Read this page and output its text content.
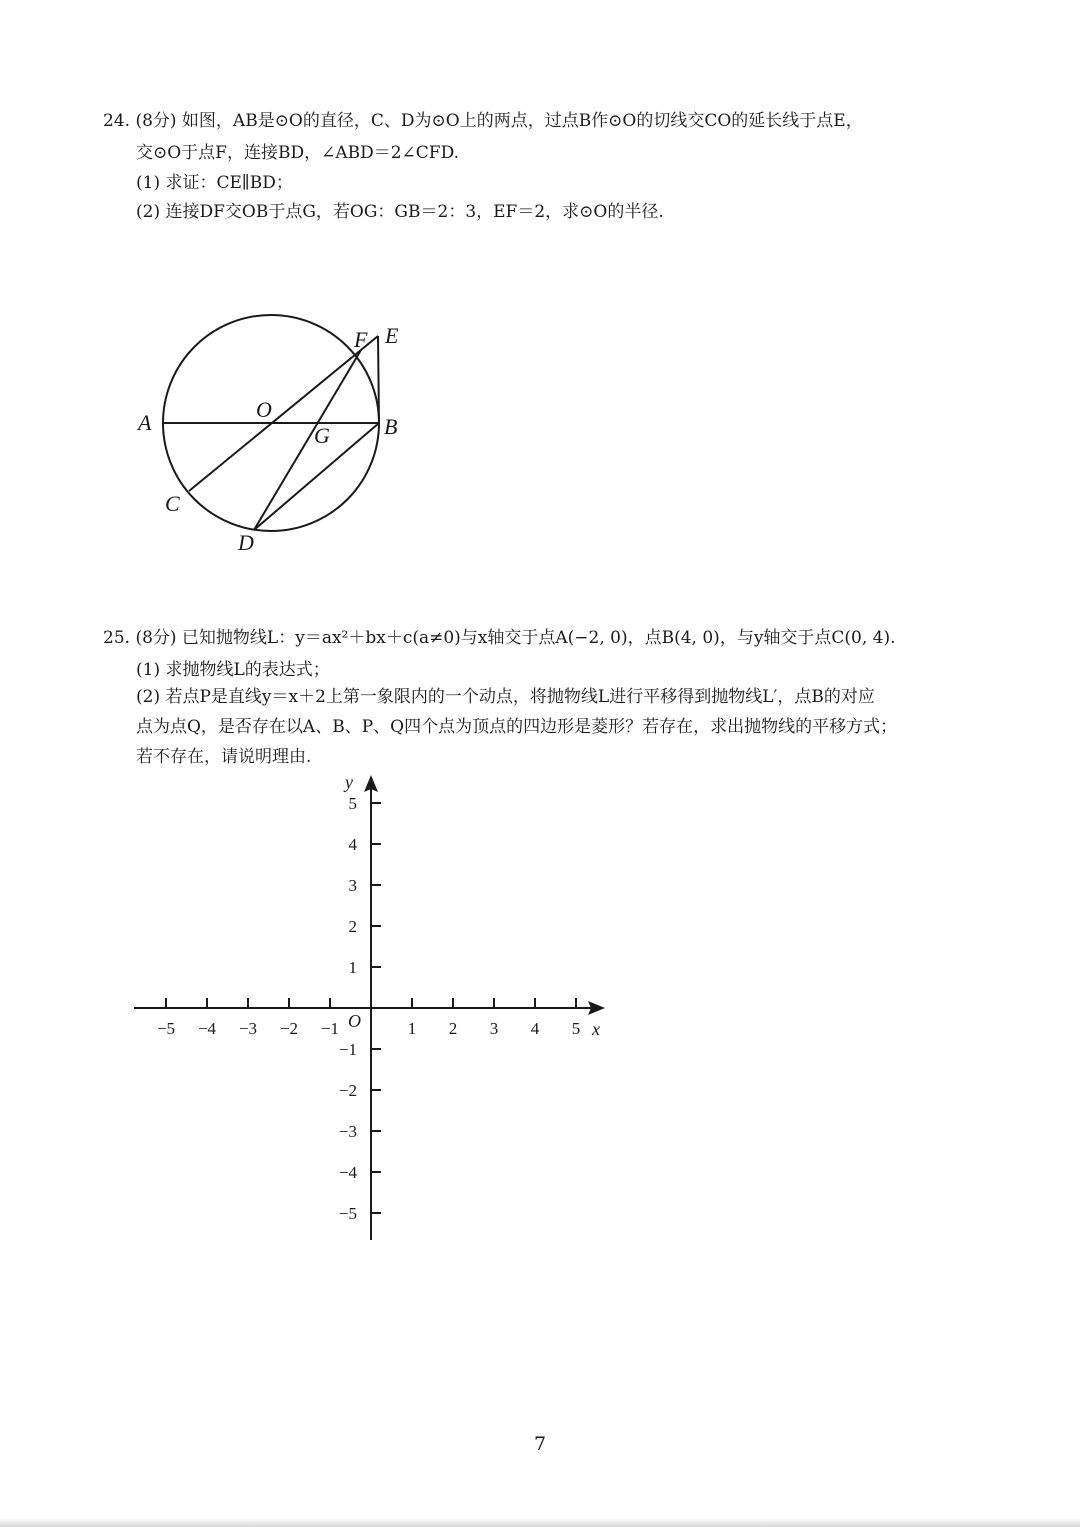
24. (8分) 如图，AB是⊙O的直径，C、D为⊙O上的两点，过点B作⊙O的切线交CO的延长线于点E，
交⊙O于点F，连接BD，∠ABD＝2∠CFD.
(1) 求证：CE∥BD；
(2) 连接DF交OB于点G，若OG：GB＝2：3，EF＝2，求⊙O的半径.
A	B
C
D
E
F
G
O
25. (8分) 已知抛物线L：y＝ax²＋bx＋c(a≠0)与x轴交于点A(−2, 0)，点B(4, 0)，与y轴交于点C(0, 4).
(1) 求抛物线L的表达式；
(2) 若点P是直线y＝x＋2上第一象限内的一个动点，将抛物线L进行平移得到抛物线L′，点B的对应
点为点Q，是否存在以A、B、P、Q四个点为顶点的四边形是菱形？若存在，求出抛物线的平移方式；
若不存在，请说明理由.
−5 −4 −3 −2 −1	1 2 3 4 5
5
4
3
2
1
−1
−2
−3
−4
−5
x
y
O
7
